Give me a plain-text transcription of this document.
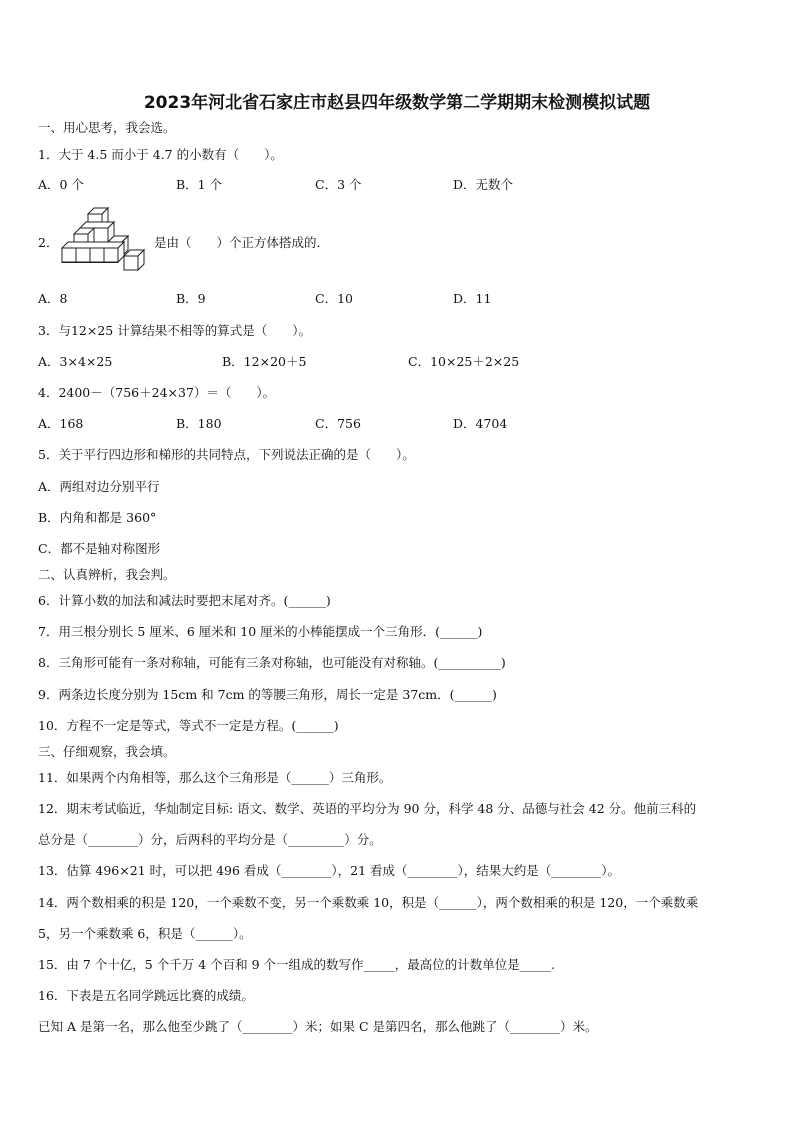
2023年河北省石家庄市赵县四年级数学第二学期期末检测模拟试题
一、用心思考，我会选。
1．大于 4.5 而小于 4.7 的小数有（　　）。
A．0 个	B．1 个	C．3 个	D．无数个
2．	是由（　　）个正方体搭成的．
A．8	B．9	C．10	D．11
3．与12×25 计算结果不相等的算式是（　　）。
A．3×4×25	B．12×20＋5	C．10×25＋2×25
4．2400－（756＋24×37）＝（　　）。
A．168	B．180	C．756	D．4704
5．关于平行四边形和梯形的共同特点，下列说法正确的是（　　）。
A．两组对边分别平行
B．内角和都是 360°
C．都不是轴对称图形
二、认真辨析，我会判。
6．计算小数的加法和减法时要把末尾对齐。(______)
7．用三根分别长 5 厘米、6 厘米和 10 厘米的小棒能摆成一个三角形．(______)
8．三角形可能有一条对称轴，可能有三条对称轴，也可能没有对称轴。(__________)
9．两条边长度分别为 15cm 和 7cm 的等腰三角形，周长一定是 37cm．(______)
10．方程不一定是等式，等式不一定是方程。(______)
三、仔细观察，我会填。
11．如果两个内角相等，那么这个三角形是（______）三角形。
12．期末考试临近，华灿制定目标: 语文、数学、英语的平均分为 90 分，科学 48 分、品德与社会 42 分。他前三科的
总分是（________）分，后两科的平均分是（_________）分。
13．估算 496×21 时，可以把 496 看成（________），21 看成（________），结果大约是（________）。
14．两个数相乘的积是 120，一个乘数不变，另一个乘数乘 10，积是（______），两个数相乘的积是 120，一个乘数乘
5，另一个乘数乘 6，积是（______）。
15．由 7 个十亿，5 个千万 4 个百和 9 个一组成的数写作_____，最高位的计数单位是_____.
16．下表是五名同学跳远比赛的成绩。
已知 A 是第一名，那么他至少跳了（________）米；如果 C 是第四名，那么他跳了（________）米。
